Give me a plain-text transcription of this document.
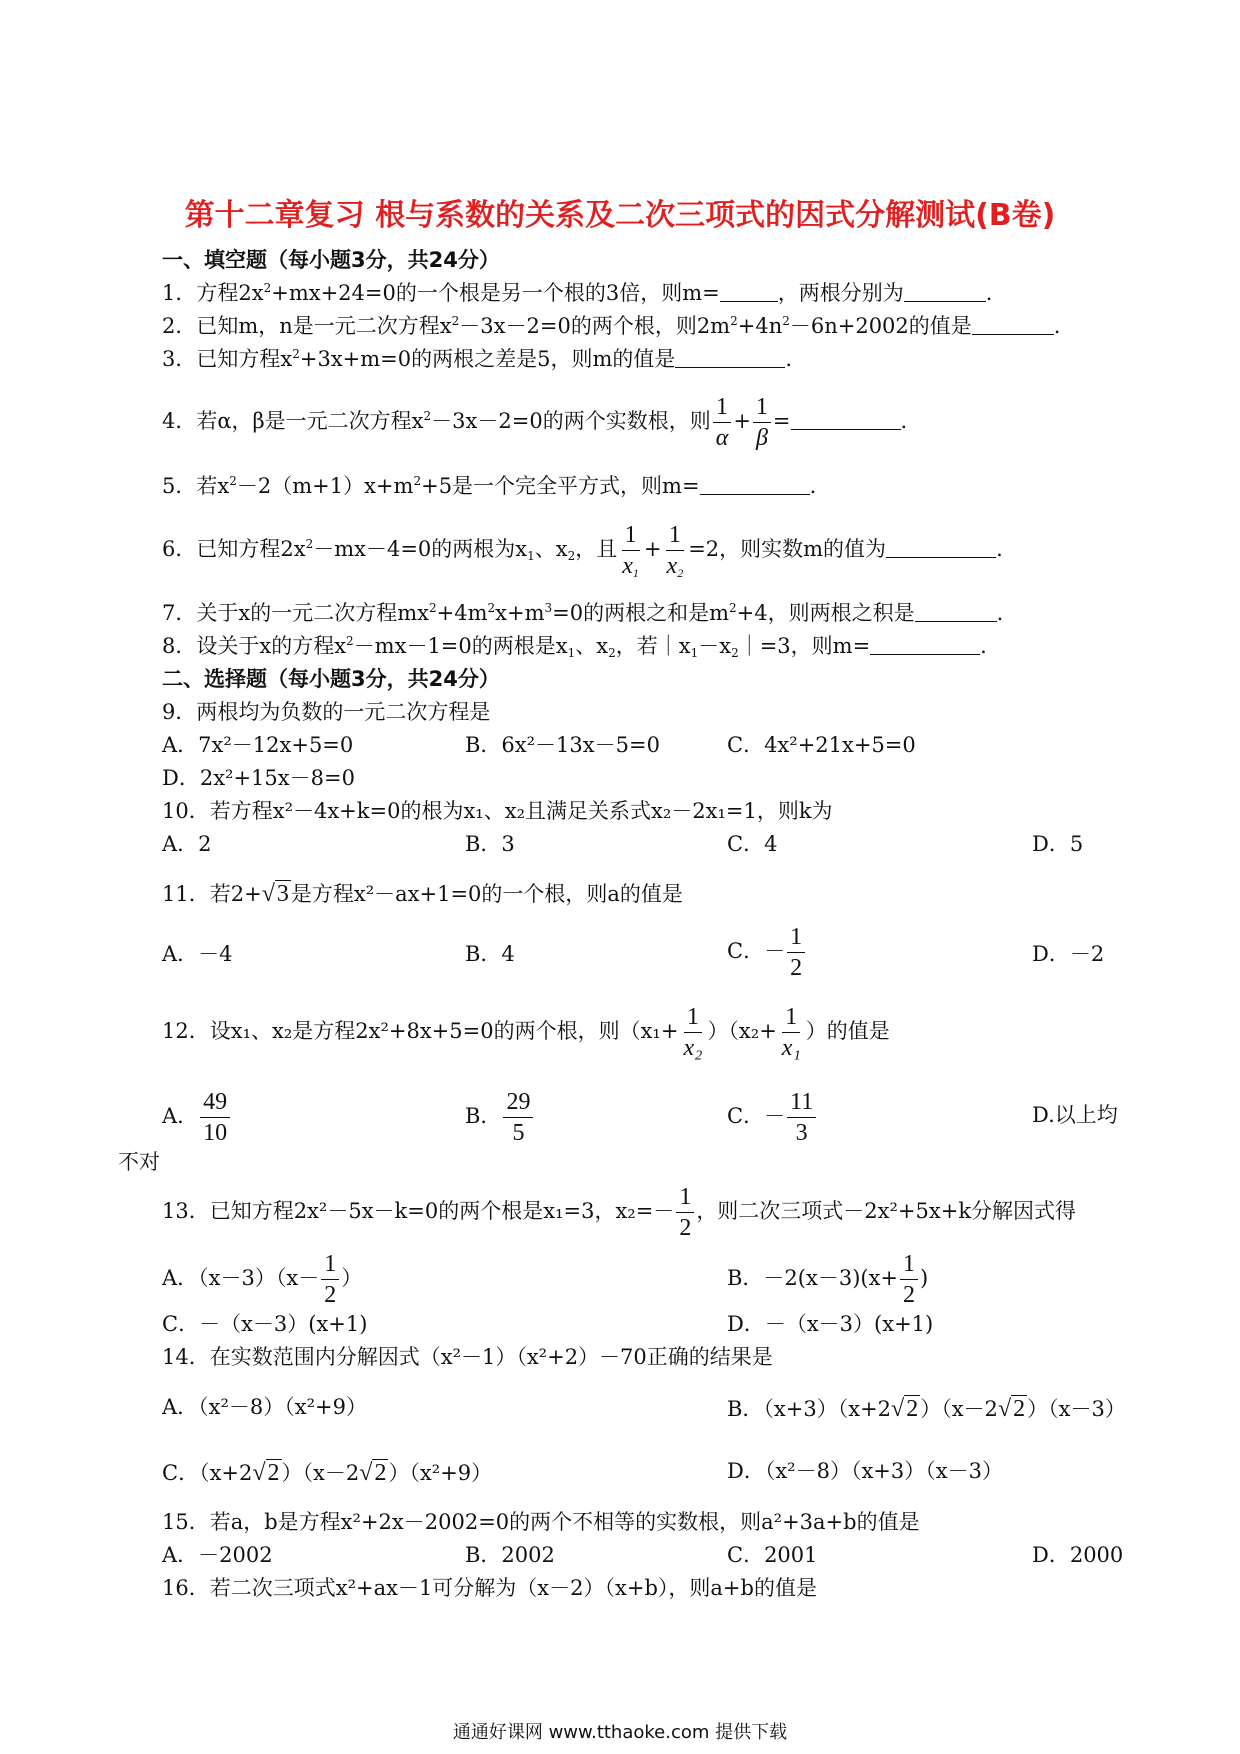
第十二章复习 根与系数的关系及二次三项式的因式分解测试(B卷)
一、填空题（每小题3分，共24分）
1．方程$2x^2+mx+24=0$的一个根是另一个根的3倍，则m=	，两根分别为	.
2．已知m，n是一元二次方程$x^2-3x-2=0$的两个根，则$2m^2+4n^2-6n+2002$的值是	.
3．已知方程$x^2+3x+m=0$的两根之差是5，则m的值是	.
4．若α，β是一元二次方程$x^2-3x-2=0$的两个实数根，则 $\frac{1}{\alpha} + \frac{1}{\beta}$ =	.
5．若$x^2-2(m+1)x+m^2+5$是一个完全平方式，则m=	.
6．已知方程$2x^2-mx-4=0$的两根为$x_1$、$x_2$，且 $\frac{1}{x_1} + \frac{1}{x_2} =2$，则实数m的值为	.
7．关于x的一元二次方程$mx^2+4m^2x+m^3=0$的两根之和是$m^2+4$，则两根之积是	.
8．设关于x的方程$x^2-mx-1=0$的两根是$x_1$、$x_2$，若$|x_1-x_2|=3$，则m=	.
二、选择题（每小题3分，共24分）
9．两根均为负数的一元二次方程是
A．7x²－12x+5=0	B．6x²－13x－5=0	C．4x²+21x+5=0
D．2x²+15x－8=0
10．若方程x²－4x+k=0的根为x₁、x₂且满足关系式x₂－2x₁=1，则k为
A．2	B．3	C．4	D．5
11．若2+√3是方程x²－ax+1=0的一个根，则a的值是
A．－4	B．4	C．－ $\frac{1}{2}$	D．－2
12．设x₁、x₂是方程2x²+8x+5=0的两个根，则$(x_1+ \frac{1}{\text{x₂}} )(x_2+ \frac{1}{\text{x₁}}$ ）的值是
A． $\frac{49}{10}$	B． $\frac{29}{5}$	C．－ $\frac{11}{3}$	D.以上均
不对
13．已知方程2x²－5x－k=0的两个根是x₁=3，$x_2=- \frac{1}{2}$ ，则二次三项式－2x²+5x+k分解因式得
A．$(x-3)(x- \frac{1}{2}$ ）	B．$-2(x-3)(x+ \frac{1}{2}$ )
C．－（x－3）(x+1)	D．－（x－3）(x+1)
14．在实数范围内分解因式（x²－1）（x²+2）－70正确的结果是
A．（x²－8）（x²+9）	B．（x+3）（x+2√2）（x－2√2）（x－3）
C．（x+2√2）（x－2√2）（x²+9）	D．（x²－8）（x+3）（x－3）
15．若a，b是方程x²+2x－2002=0的两个不相等的实数根，则a²+3a+b的值是
A．－2002	B．2002	C．2001	D．2000
16．若二次三项式x²+ax－1可分解为（x－2）（x+b），则a+b的值是
通通好课网 www.tthaoke.com 提供下载
